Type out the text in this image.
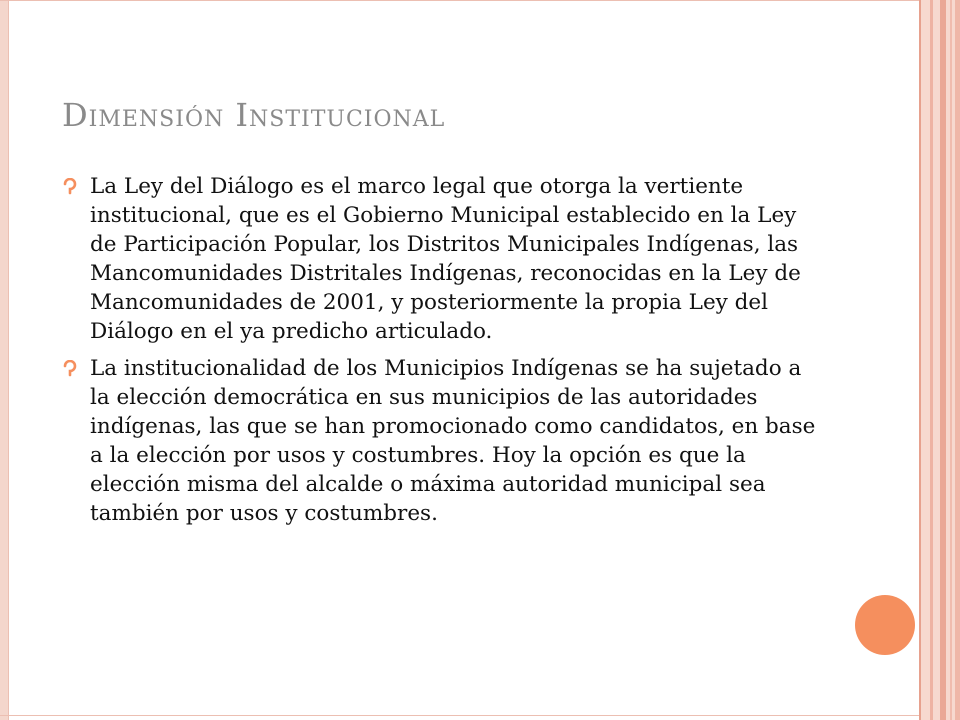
Dimensión Institucional
La Ley del Diálogo es el marco legal que otorga la vertiente institucional, que es el Gobierno Municipal establecido en la Ley de Participación Popular, los Distritos Municipales Indígenas, las Mancomunidades Distritales Indígenas, reconocidas en la Ley de Mancomunidades de 2001, y posteriormente la propia Ley del Diálogo en el ya predicho articulado.
La institucionalidad de los Municipios Indígenas se ha sujetado a la elección democrática en sus municipios de las autoridades indígenas, las que se han promocionado como candidatos, en base a la elección por usos y costumbres. Hoy la opción es que la elección misma del alcalde o máxima autoridad municipal sea también por usos y costumbres.
